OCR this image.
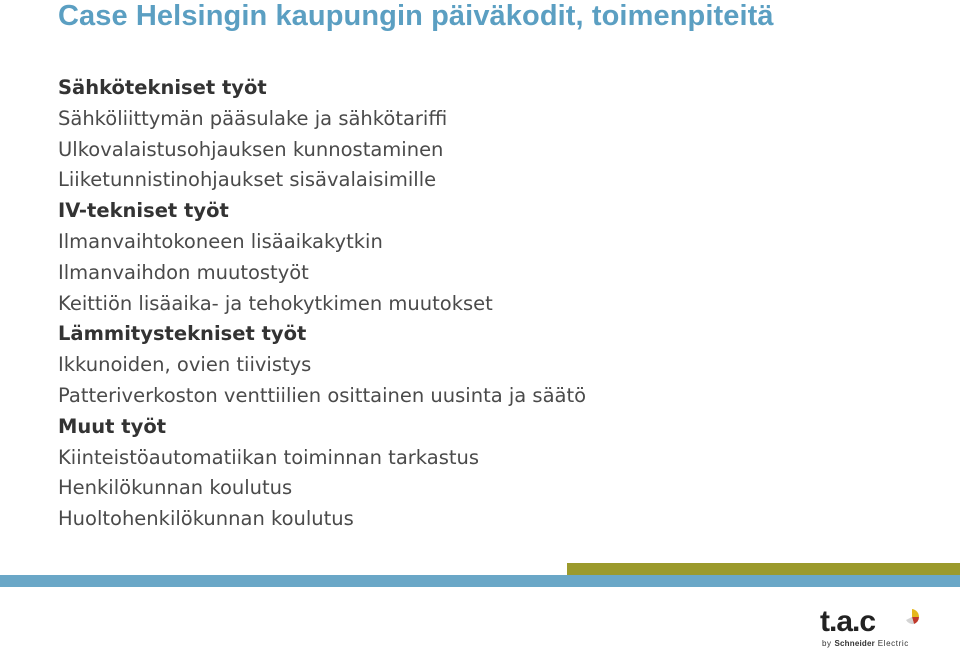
Case Helsingin kaupungin päiväkodit, toimenpiteitä
Sähkötekniset työt
Sähköliittymän pääsulake ja sähkötariffi
Ulkovalaistusohjauksen kunnostaminen
Liiketunnistinohjaukset sisävalaisimille
IV-tekniset työt
Ilmanvaihtokoneen lisäaikakytkin
Ilmanvaihdon muutostyöt
Keittiön lisäaika- ja tehokytkimen muutokset
Lämmitystekniset työt
Ikkunoiden, ovien tiivistys
Patteriverkoston venttiilien osittainen uusinta ja säätö
Muut työt
Kiinteistöautomatiikan toiminnan tarkastus
Henkilökunnan koulutus
Huoltohenkilökunnan koulutus
t.a.c
by Schneider Electric
